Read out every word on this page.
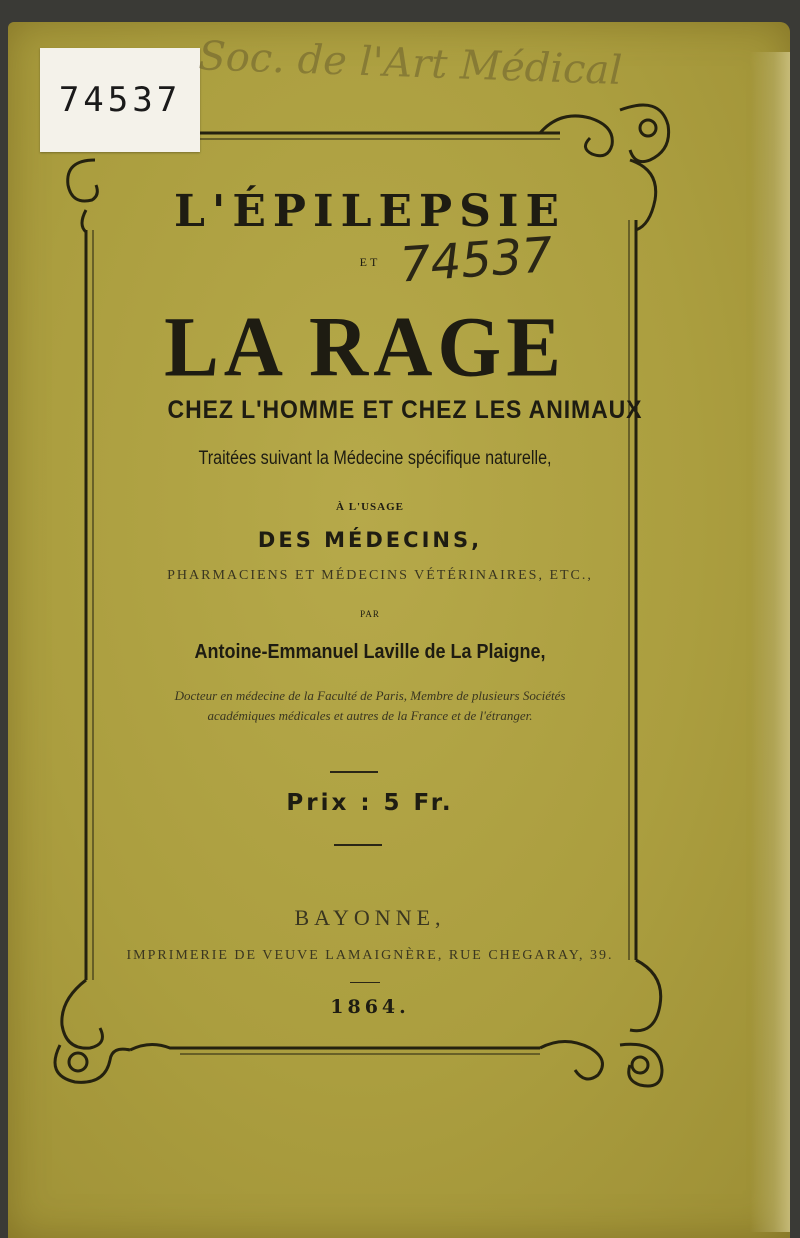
74537
Soc. de l'Art Médical
L'ÉPILEPSIE
ET 74537
LA RAGE
CHEZ L'HOMME ET CHEZ LES ANIMAUX
Traitées suivant la Médecine spécifique naturelle,
À L'USAGE
DES MÉDECINS,
PHARMACIENS ET MÉDECINS VÉTÉRINAIRES, ETC.,
PAR
Antoine-Emmanuel Laville de La Plaigne,
Docteur en médecine de la Faculté de Paris, Membre de plusieurs Sociétés
académiques médicales et autres de la France et de l'étranger.
Prix : 5 Fr.
BAYONNE,
IMPRIMERIE DE VEUVE LAMAIGNÈRE, RUE CHEGARAY, 39.
1864.
